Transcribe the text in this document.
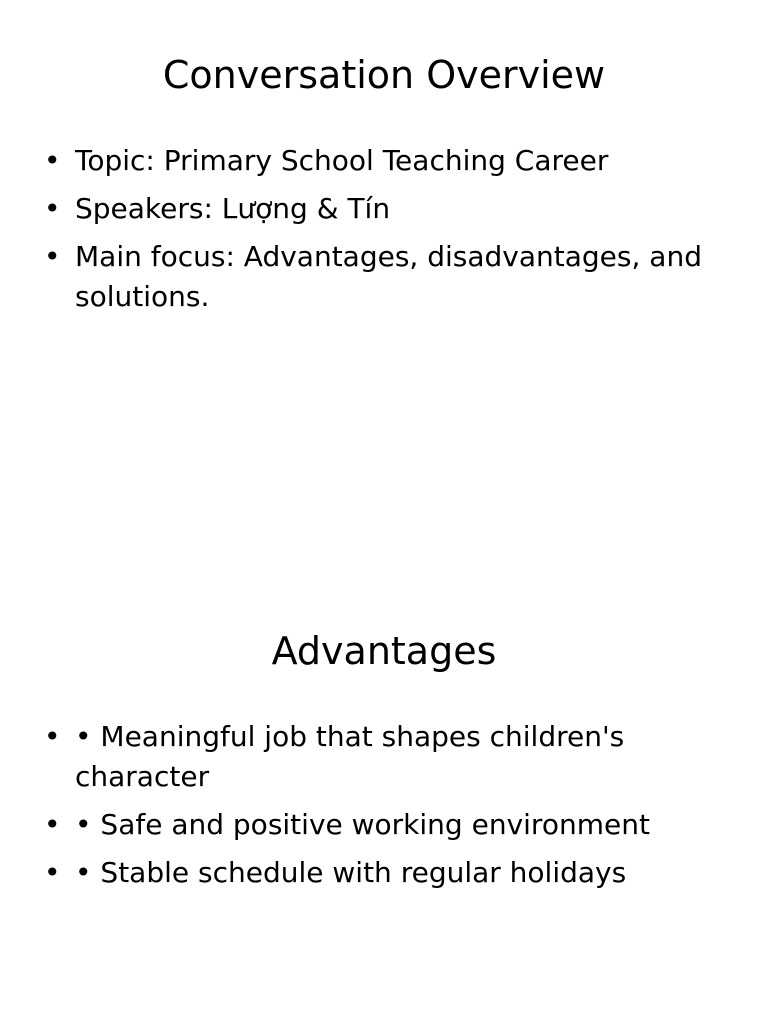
Conversation Overview
• Topic: Primary School Teaching Career
• Speakers: Lượng & Tín
• Main focus: Advantages, disadvantages, and solutions.
Advantages
• • Meaningful job that shapes children's character
• • Safe and positive working environment
• • Stable schedule with regular holidays
